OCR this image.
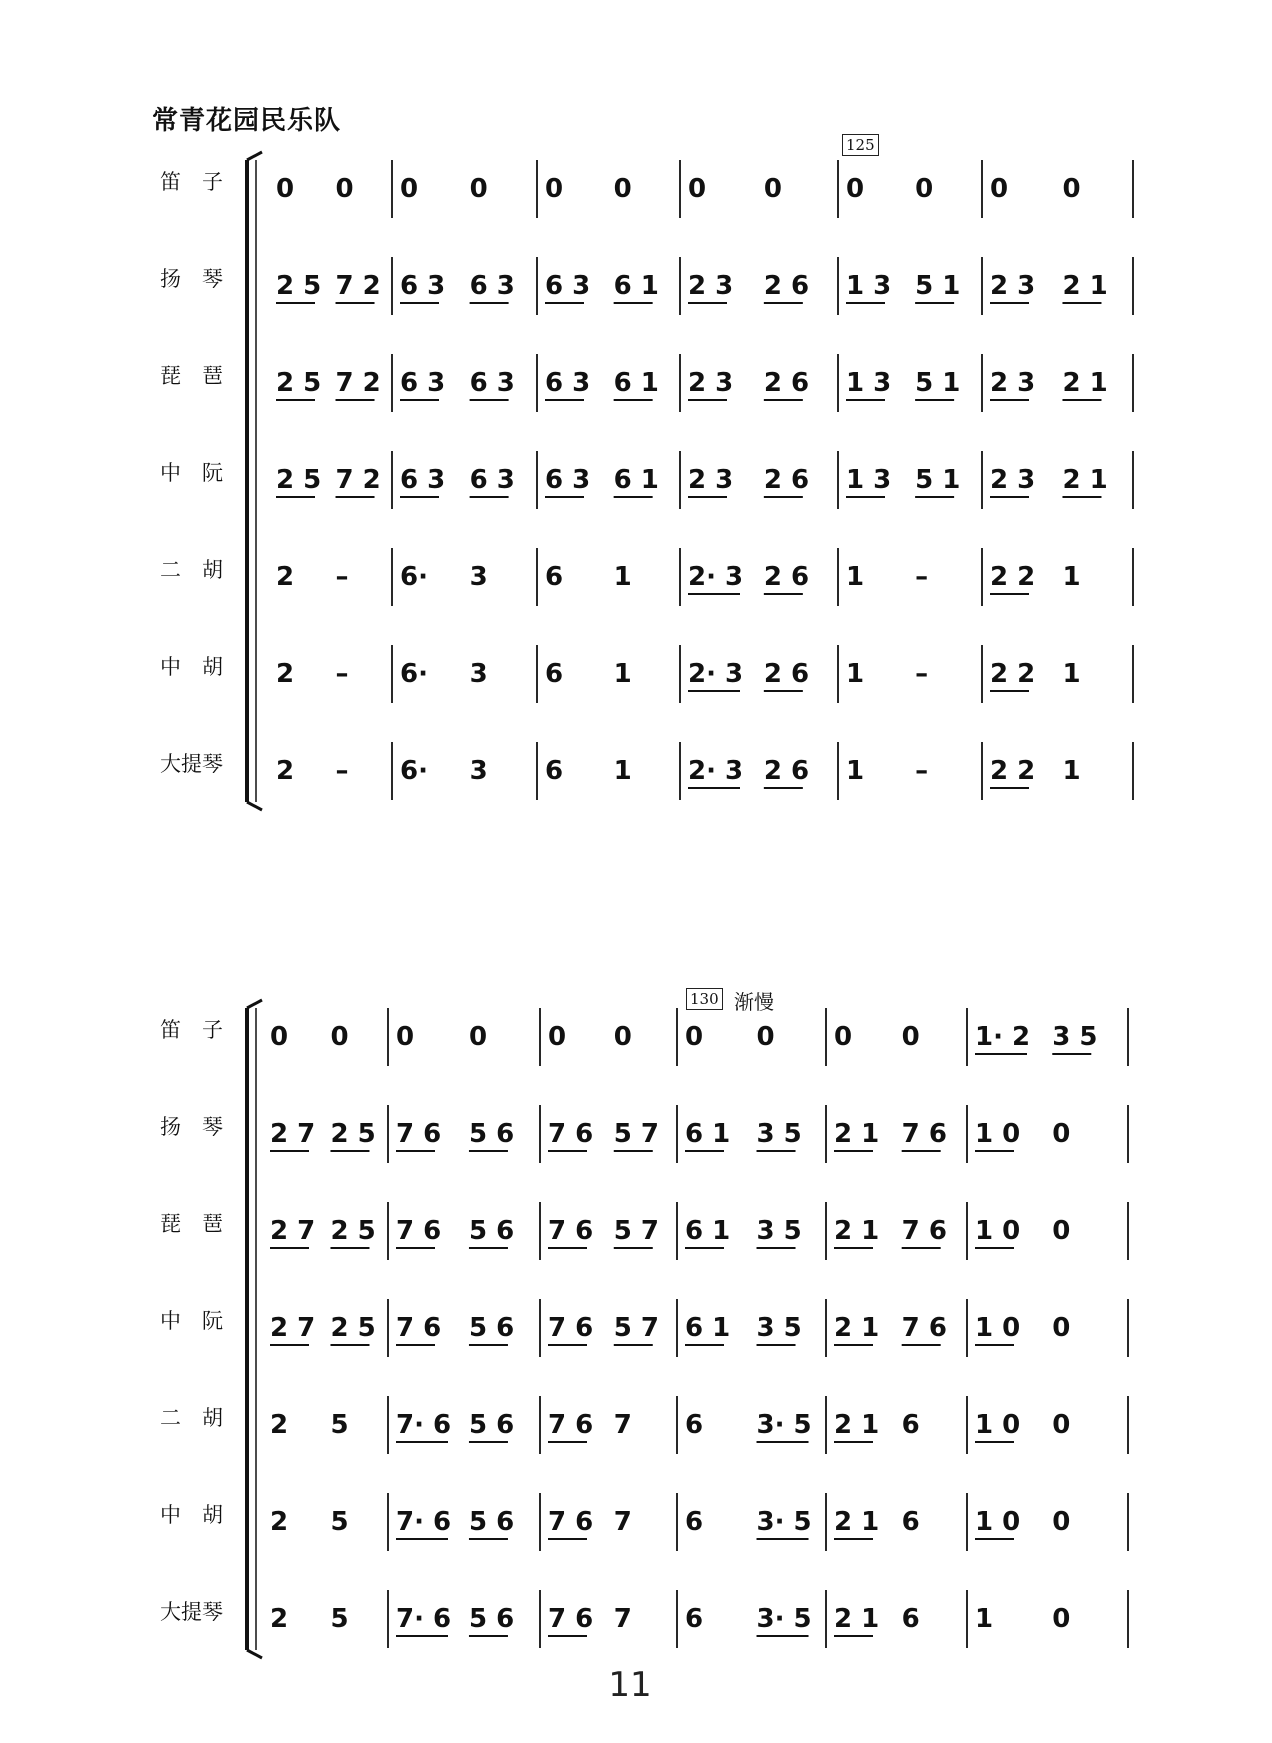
常青花园民乐队
125
笛　子 0 0 0 0 0 0 0 0 0 0 0 0
扬　琴 2 5 7 2 6 3 6 3 6 3 6 1 2 3 2 6 1 3 5 1 2 3 2 1
琵　琶 2 5 7 2 6 3 6 3 6 3 6 1 2 3 2 6 1 3 5 1 2 3 2 1
中　阮 2 5 7 2 6 3 6 3 6 3 6 1 2 3 2 6 1 3 5 1 2 3 2 1
二　胡 2 – 6· 3 6 1 2· 3 2 6 1 – 2 2 1
中　胡 2 – 6· 3 6 1 2· 3 2 6 1 – 2 2 1
大提琴 2 – 6· 3 6 1 2· 3 2 6 1 – 2 2 1
130 渐慢
笛　子 0 0 0 0 0 0 0 0 0 0 1· 2 3 5
扬　琴 2 7 2 5 7 6 5 6 7 6 5 7 6 1 3 5 2 1 7 6 1 0 0
琵　琶 2 7 2 5 7 6 5 6 7 6 5 7 6 1 3 5 2 1 7 6 1 0 0
中　阮 2 7 2 5 7 6 5 6 7 6 5 7 6 1 3 5 2 1 7 6 1 0 0
二　胡 2 5 7· 6 5 6 7 6 7 6 3· 5 2 1 6 1 0 0
中　胡 2 5 7· 6 5 6 7 6 7 6 3· 5 2 1 6 1 0 0
大提琴 2 5 7· 6 5 6 7 6 7 6 3· 5 2 1 6 1 0
11
